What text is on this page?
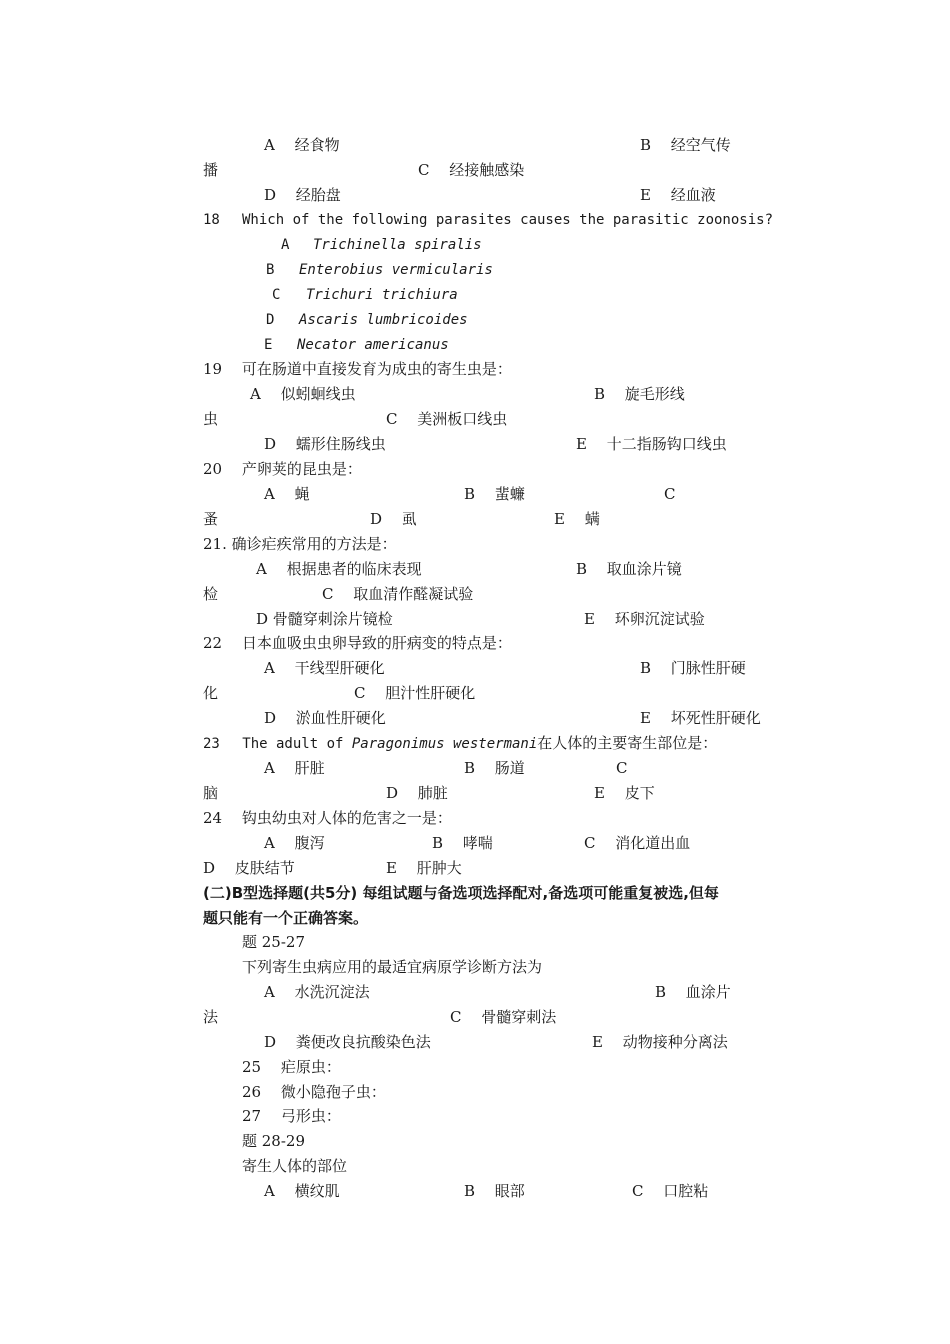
A　 经食物	B　 经空气传
播	C　 经接触感染
D　 经胎盘	E　 经血液
18 Which of the following parasites causes the parasitic zoonosis?
A Trichinella spiralis
B Enterobius vermicularis
C Trichuri trichiura
D Ascaris lumbricoides
E Necator americanus
19　 可在肠道中直接发育为成虫的寄生虫是：
A　 似蚓蛔线虫	B　 旋毛形线
虫	C　 美洲板口线虫
D　 蠕形住肠线虫	E　 十二指肠钩口线虫
20　 产卵荚的昆虫是：
A　 蝇	B　 蜚蠊	C
蚤	D　 虱	E　 螨
21. 确诊疟疾常用的方法是：
A　 根据患者的临床表现	B　 取血涂片镜
检	C　 取血清作醛凝试验
D 骨髓穿刺涂片镜检	E　 环卵沉淀试验
22　 日本血吸虫虫卵导致的肝病变的特点是：
A　 干线型肝硬化	B　 门脉性肝硬
化	C　 胆汁性肝硬化
D　 淤血性肝硬化	E　 坏死性肝硬化
23　 The adult of Paragonimus westermani在人体的主要寄生部位是：
A　 肝脏	B　 肠道	C
脑	D　 肺脏	E　 皮下
24　 钩虫幼虫对人体的危害之一是：
A　 腹泻	B　 哮喘	C　 消化道出血
D　 皮肤结节	E　 肝肿大
(二)B型选择题(共5分) 每组试题与备选项选择配对,备选项可能重复被选,但每
题只能有一个正确答案。
题 25-27
下列寄生虫病应用的最适宜病原学诊断方法为
A　 水洗沉淀法	B　 血涂片
法	C　 骨髓穿刺法
D　 粪便改良抗酸染色法	E　 动物接种分离法
25　 疟原虫：
26　 微小隐孢子虫：
27　 弓形虫：
题 28-29
寄生人体的部位
A　 横纹肌	B　 眼部	C　 口腔粘
